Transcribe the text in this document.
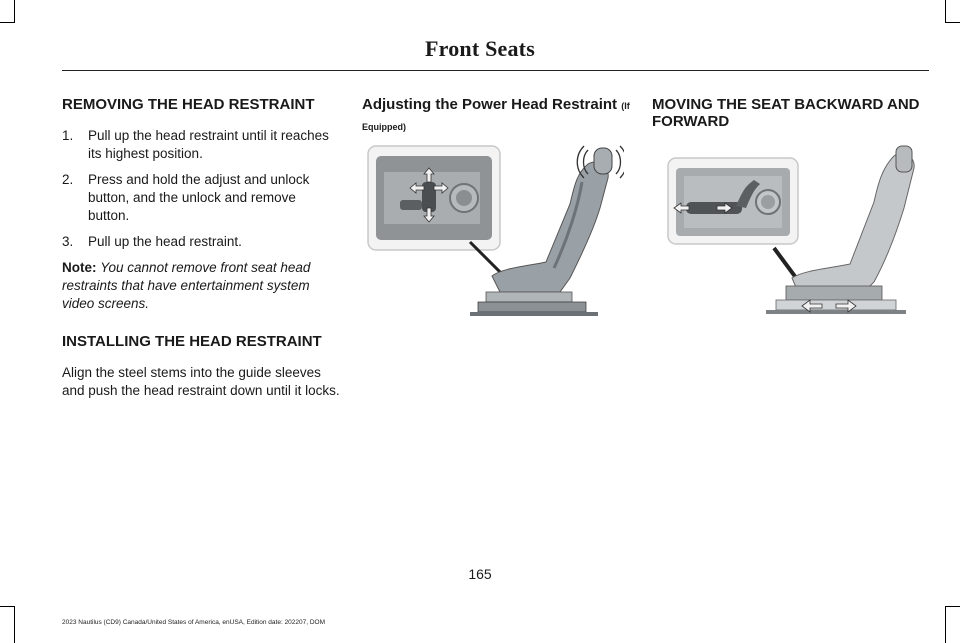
Front Seats
REMOVING THE HEAD RESTRAINT
1. Pull up the head restraint until it reaches its highest position.
2. Press and hold the adjust and unlock button, and the unlock and remove button.
3. Pull up the head restraint.

Note: You cannot remove front seat head restraints that have entertainment system video screens.

INSTALLING THE HEAD RESTRAINT

Align the steel stems into the guide sleeves and push the head restraint down until it locks.

Adjusting the Power Head Restraint (If
Equipped)
MOVING THE SEAT BACKWARD AND FORWARD
165
2023 Nautilus (CD9) Canada/United States of America, enUSA, Edition date: 202207, DOM
